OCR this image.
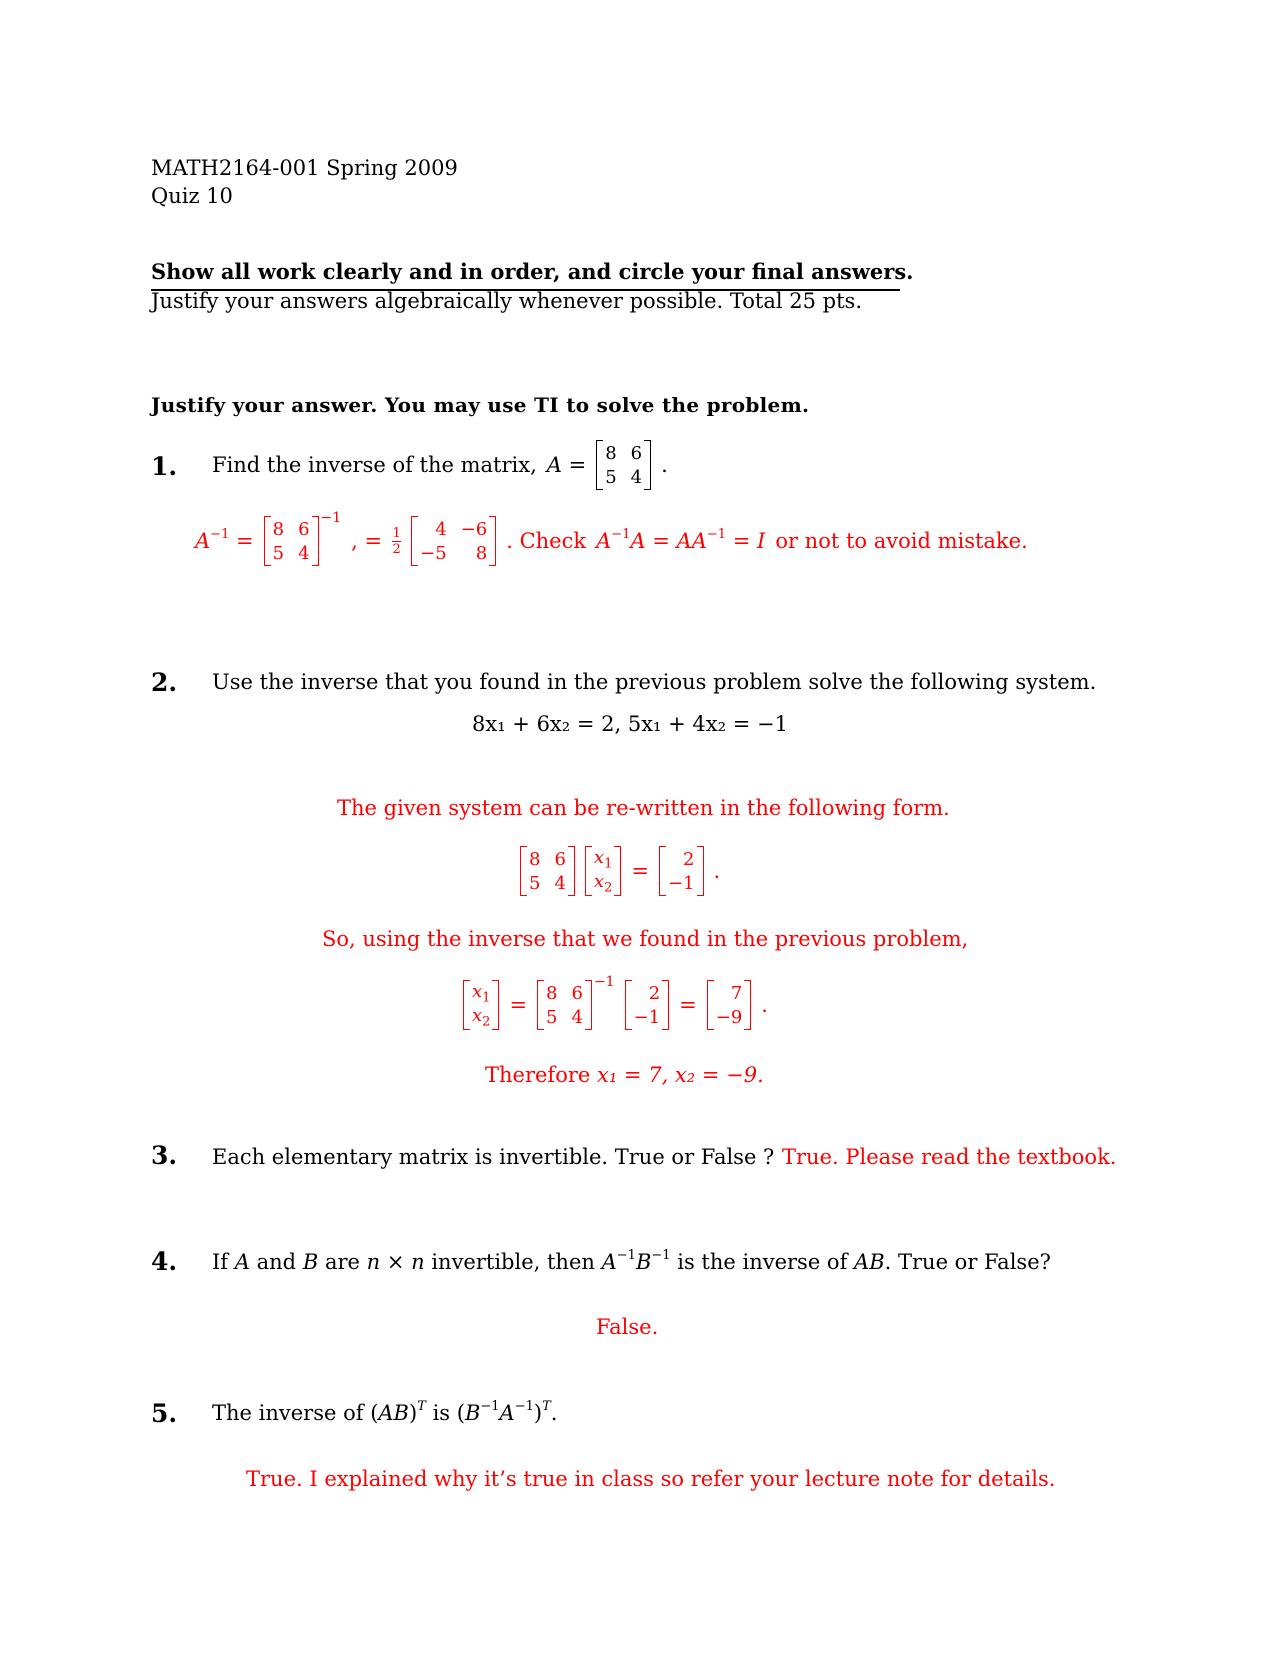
MATH2164-001 Spring 2009
Quiz 10
Show all work clearly and in order, and circle your final answers.
Justify your answers algebraically whenever possible. Total 25 pts.
Justify your answer. You may use TI to solve the problem.
1. Find the inverse of the matrix, A = 8 6
5 4 .
$A^{-1} = 8$ 6
5 4
$^{-1}$
, = $\frac{1}{2}$	4 −6
−5	8 . Check $A^{-1}A = AA^{-1} = I$ or not to avoid mistake.
2. Use the inverse that you found in the previous problem solve the following system.
8x₁ + 6x₂ = 2, 5x₁ + 4x₂ = −1
The given system can be re-written in the following form.
8 6
5 4
$x_1$
$x_2$
=	2
−1 .
So, using the inverse that we found in the previous problem,
$x_1$
$x_2$
= 8 6
5 4
$^{-1}$
2
−1 =	7
−9 .
Therefore x₁ = 7, x₂ = −9.
3. Each elementary matrix is invertible. True or False ? True. Please read the textbook.
4. If A and B are n × n invertible, then $A^{-1}B^{-1}$ is the inverse of AB. True or False?
False.
5. The inverse of (AB)$^T$ is $(B^{-1}A^{-1})^T$.
True. I explained why it’s true in class so refer your lecture note for details.
